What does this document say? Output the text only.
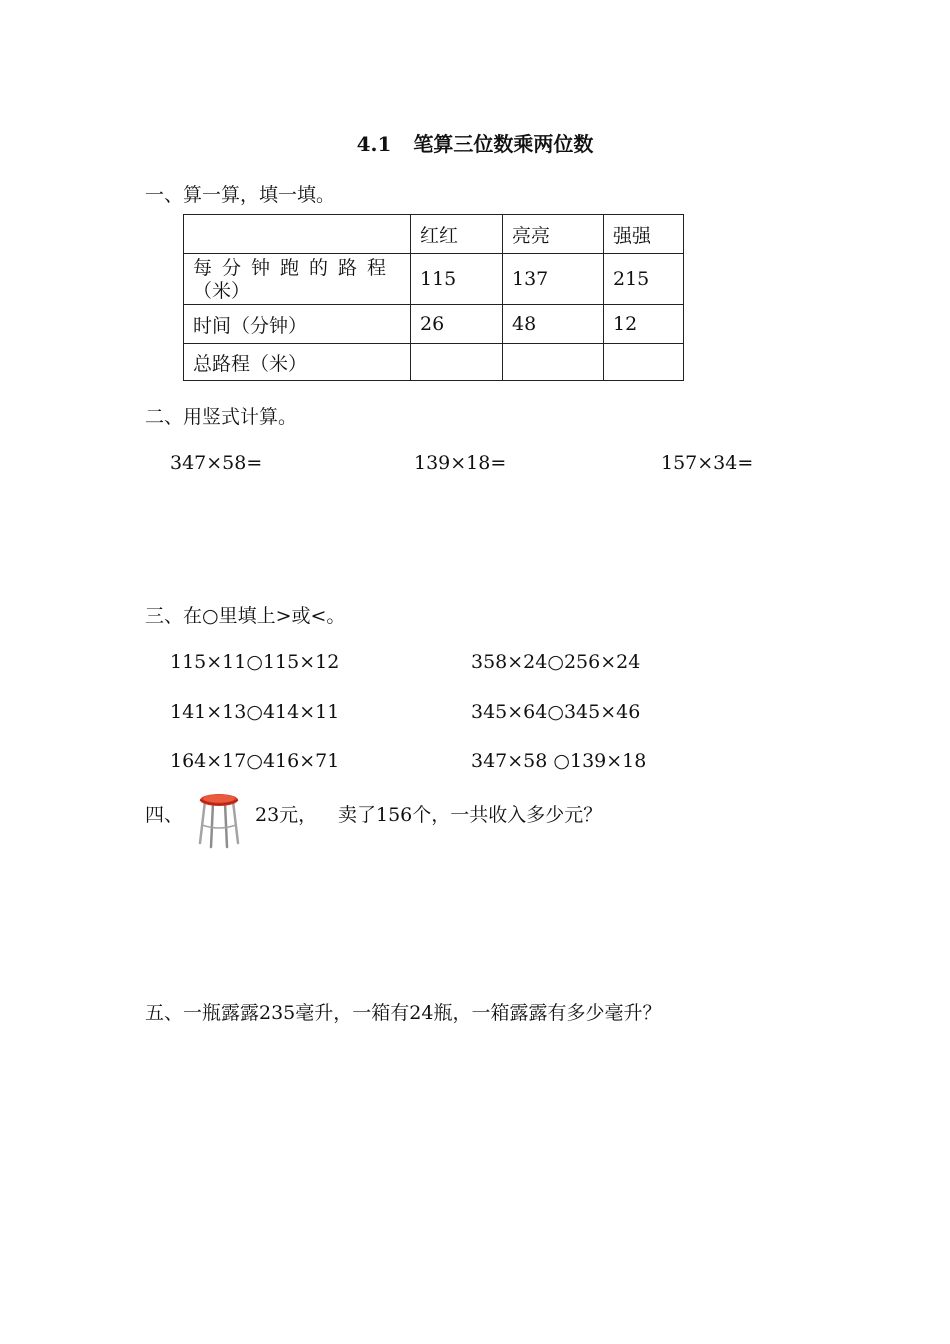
4.1 笔算三位数乘两位数
一、算一算，填一填。
	红红	亮亮	强强

每分钟跑的路程
（米）	115	137	215
时间（分钟）	26	48	12
总路程（米）			
二、用竖式计算。
347×58=	139×18=	157×34=
三、在○里填上>或<。
115×11○115×12	358×24○256×24
141×13○414×11	345×64○345×46
164×17○416×71	347×58 ○139×18
四、	23元， 卖了156个，一共收入多少元？
五、一瓶露露235毫升，一箱有24瓶，一箱露露有多少毫升？
